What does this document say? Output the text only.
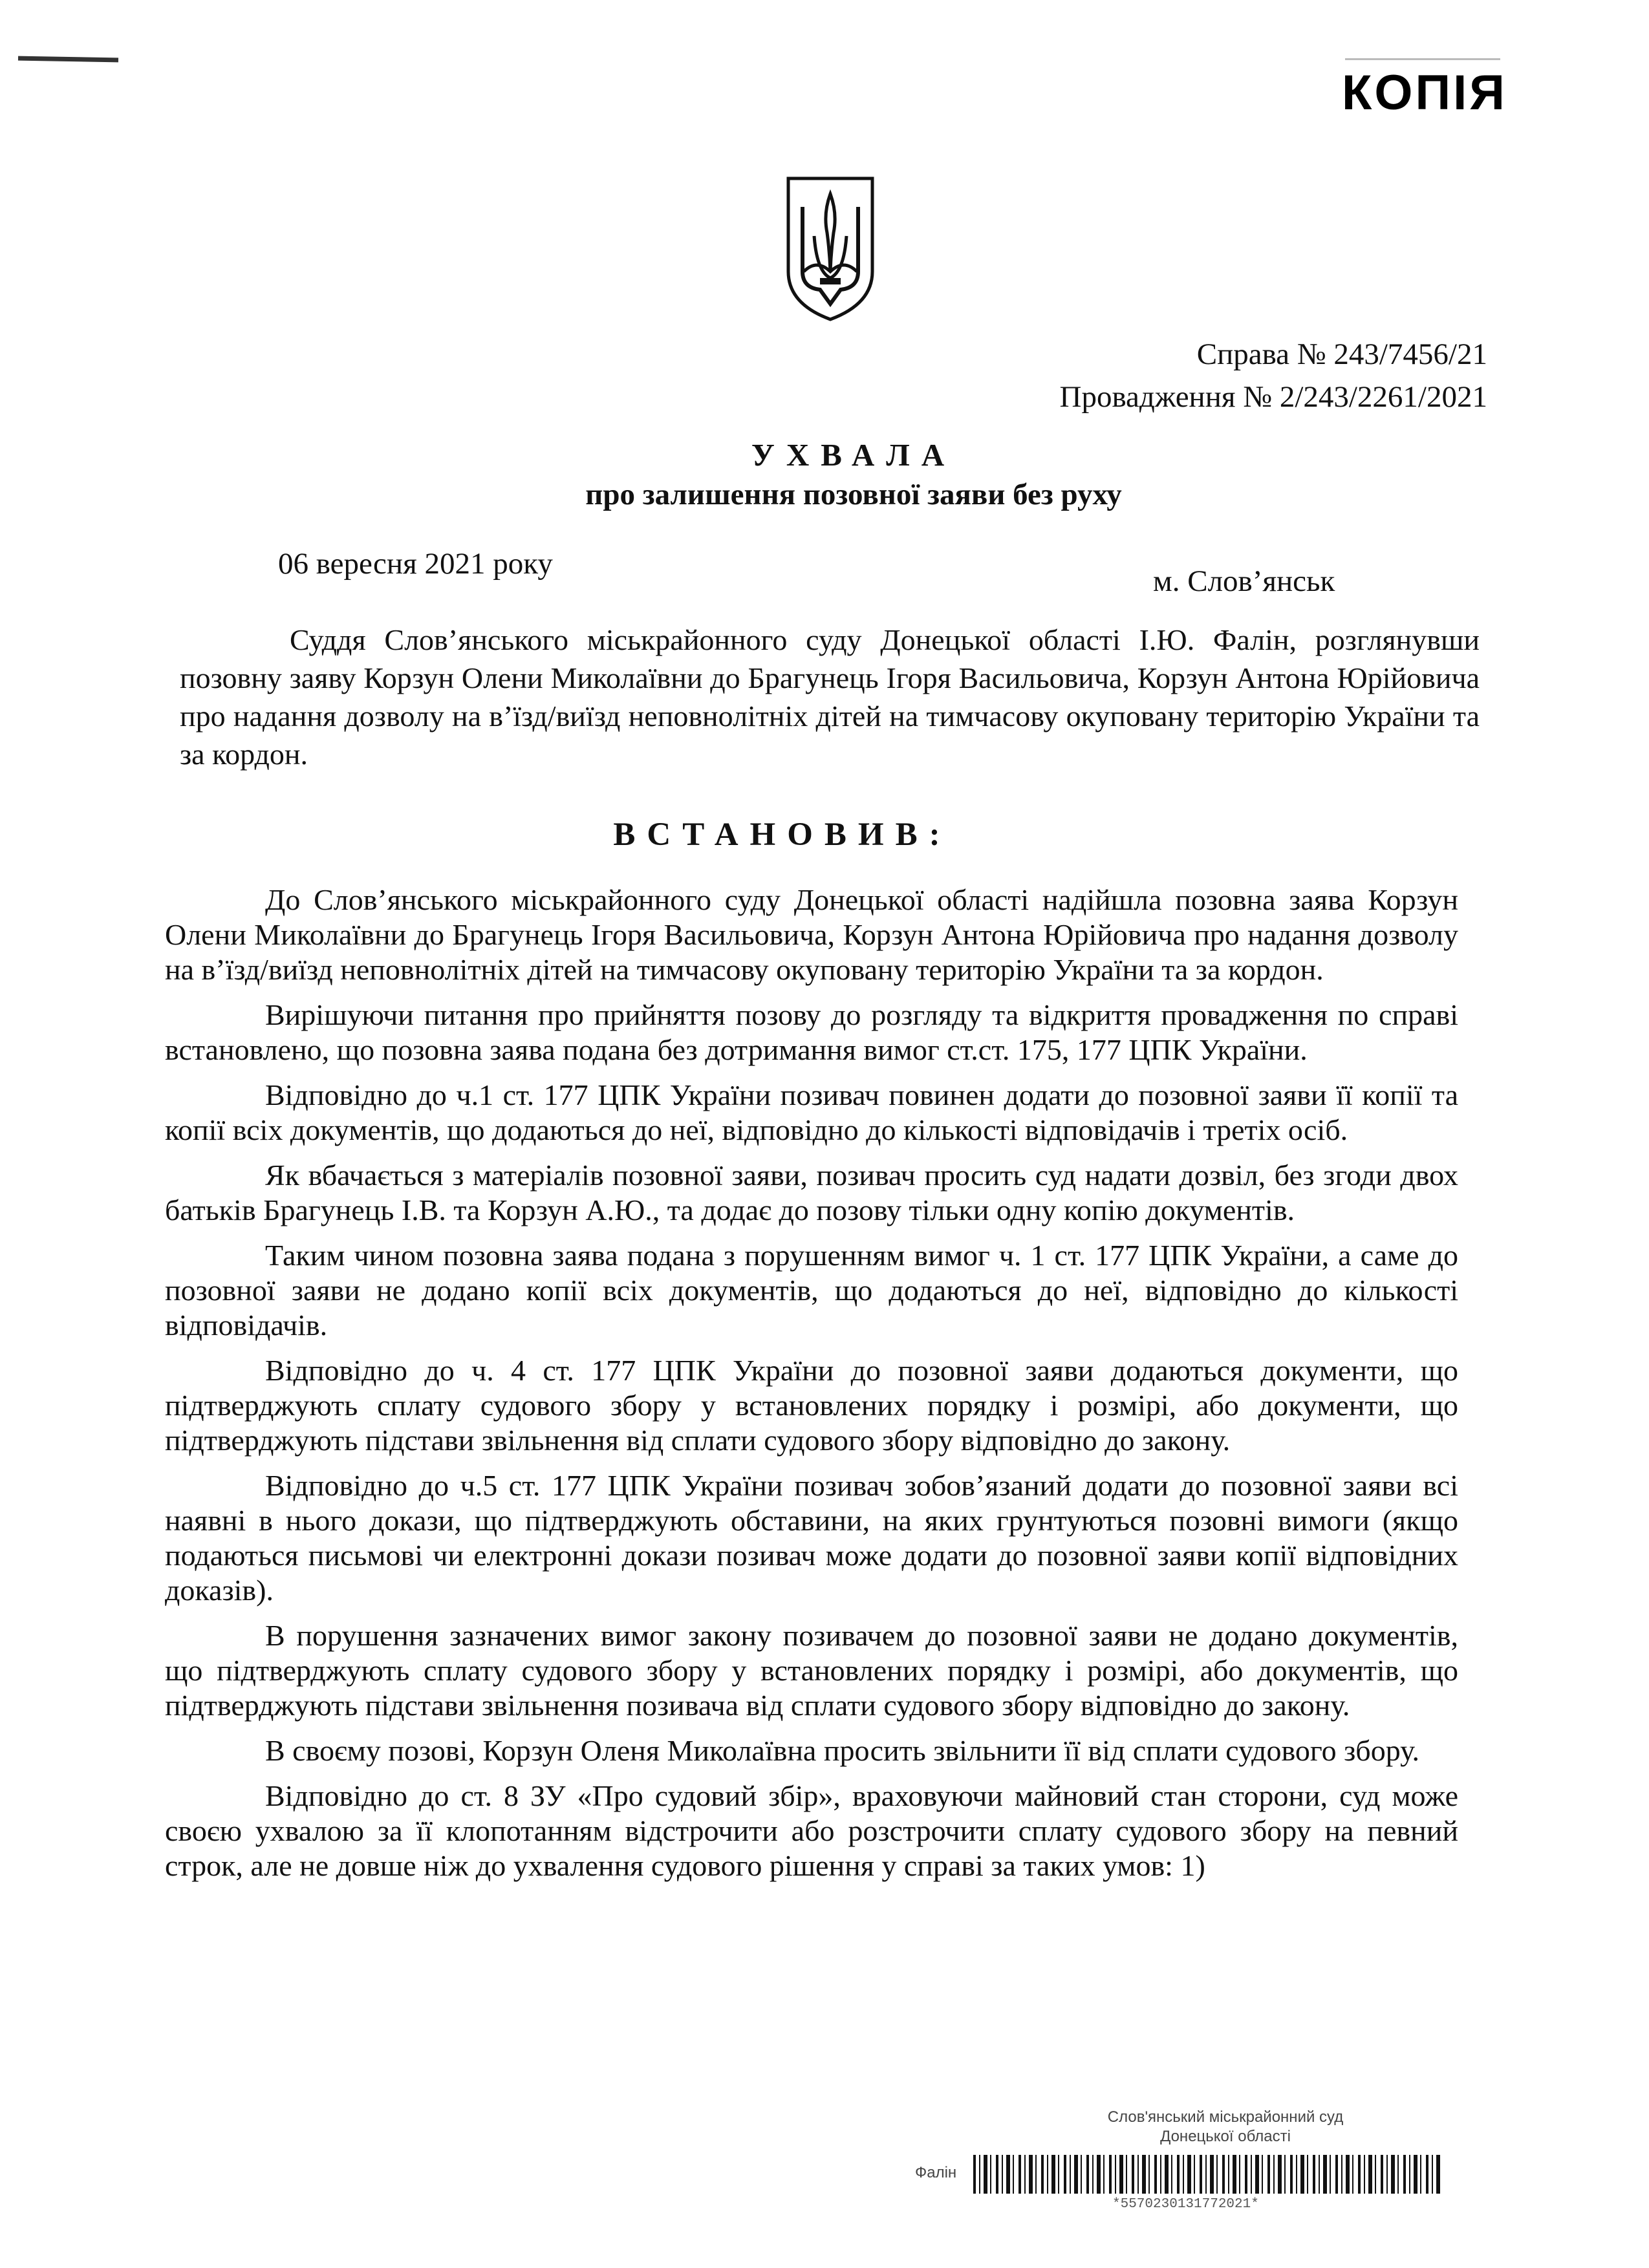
КОПІЯ
Справа № 243/7456/21
Провадження № 2/243/2261/2021
УХВАЛА
про залишення позовної заяви без руху
06 вересня 2021 року
м. Слов’янськ
Суддя Слов’янського міськрайонного суду Донецької області І.Ю. Фалін, розглянувши позовну заяву Корзун Олени Миколаївни до Брагунець Ігоря Васильовича, Корзун Антона Юрійовича про надання дозволу на в’їзд/виїзд неповнолітніх дітей на тимчасову окуповану територію України та за кордон.
ВСТАНОВИВ:

До Слов’янського міськрайонного суду Донецької області надійшла позовна заява Корзун Олени Миколаївни до Брагунець Ігоря Васильовича, Корзун Антона Юрійовича про надання дозволу на в’їзд/виїзд неповнолітніх дітей на тимчасову окуповану територію України та за кордон.

Вирішуючи питання про прийняття позову до розгляду та відкриття провадження по справі встановлено, що позовна заява подана без дотримання вимог ст.ст. 175, 177 ЦПК України.

Відповідно до ч.1 ст. 177 ЦПК України позивач повинен додати до позовної заяви її копії та копії всіх документів, що додаються до неї, відповідно до кількості відповідачів і третіх осіб.

Як вбачається з матеріалів позовної заяви, позивач просить суд надати дозвіл, без згоди двох батьків Брагунець І.В. та Корзун А.Ю., та додає до позову тільки одну копію документів.

Таким чином позовна заява подана з порушенням вимог ч. 1 ст. 177 ЦПК України, а саме до позовної заяви не додано копії всіх документів, що додаються до неї, відповідно до кількості відповідачів.

Відповідно до ч. 4 ст. 177 ЦПК України до позовної заяви додаються документи, що підтверджують сплату судового збору у встановлених порядку і розмірі, або документи, що підтверджують підстави звільнення від сплати судового збору відповідно до закону.

Відповідно до ч.5 ст. 177 ЦПК України позивач зобов’язаний додати до позовної заяви всі наявні в нього докази, що підтверджують обставини, на яких грунтуються позовні вимоги (якщо подаються письмові чи електронні докази позивач може додати до позовної заяви копії відповідних доказів).

В порушення зазначених вимог закону позивачем до позовної заяви не додано документів, що підтверджують сплату судового збору у встановлених порядку і розмірі, або документів, що підтверджують підстави звільнення позивача від сплати судового збору відповідно до закону.

В своєму позові, Корзун Оленя Миколаївна просить звільнити її від сплати судового збору.

Відповідно до ст. 8 ЗУ «Про судовий збір», враховуючи майновий стан сторони, суд може своєю ухвалою за її клопотанням відстрочити або розстрочити сплату судового збору на певний строк, але не довше ніж до ухвалення судового рішення у справі за таких умов: 1)

Слов'янський міськрайонний суд
Донецької області
Фалін
*5570230131772021*
